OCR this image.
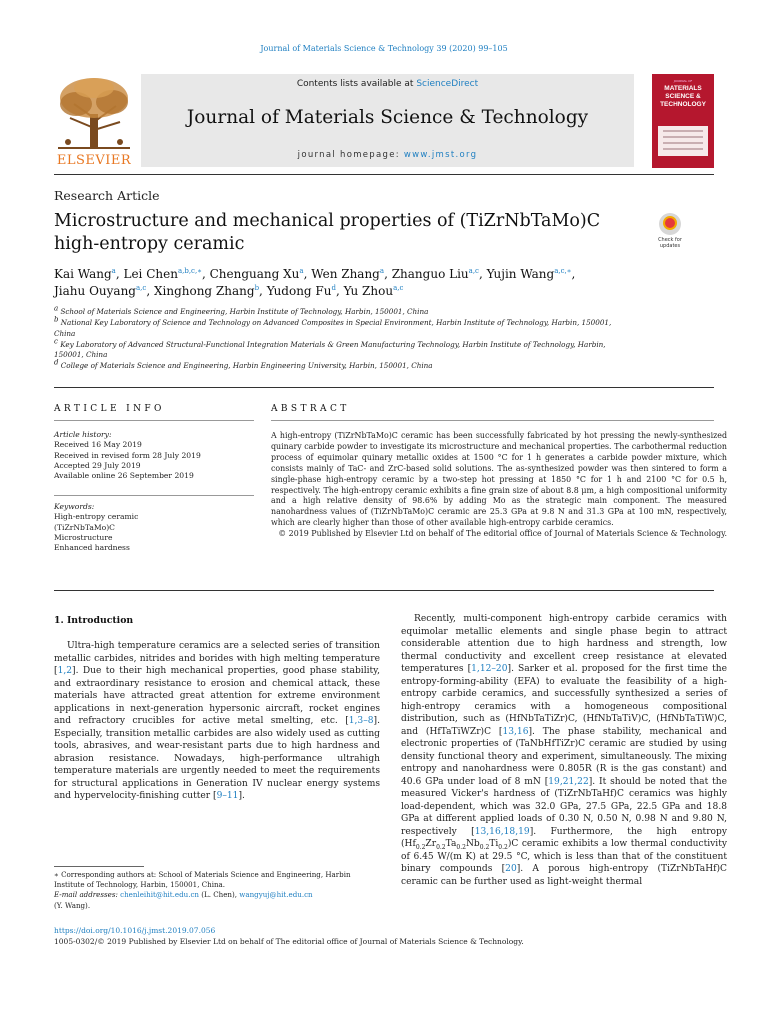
Journal of Materials Science & Technology 39 (2020) 99–105
ELSEVIER
Contents lists available at ScienceDirect
Journal of Materials Science & Technology
journal homepage: www.jmst.org
JOURNAL OF
MATERIALS SCIENCE & TECHNOLOGY
Research Article
Microstructure and mechanical properties of (TiZrNbTaMo)C high-entropy ceramic	Check for updates
Kai Wang$^a$, Lei Chen$^{a,b,c,∗}$, Chenguang Xu$^a$, Wen Zhang$^a$, Zhanguo Liu$^{a,c}$, Yujin Wang$^{a,c,∗}$,
Jiahu Ouyang$^{a,c}$, Xinghong Zhang$^b$, Yudong Fu$^d$, Yu Zhou$^{a,c}$

$^a$ School of Materials Science and Engineering, Harbin Institute of Technology, Harbin, 150001, China

$^b$ National Key Laboratory of Science and Technology on Advanced Composites in Special Environment, Harbin Institute of Technology, Harbin, 150001, China

$^c$ Key Laboratory of Advanced Structural-Functional Integration Materials & Green Manufacturing Technology, Harbin Institute of Technology, Harbin, 150001, China

$^d$ College of Materials Science and Engineering, Harbin Engineering University, Harbin, 150001, China

ARTICLE INFO
Article history:
Received 16 May 2019
Received in revised form 28 July 2019
Accepted 29 July 2019
Available online 26 September 2019
Keywords:
High-entropy ceramic
(TiZrNbTaMo)C
Microstructure
Enhanced hardness
ABSTRACT

A high-entropy (TiZrNbTaMo)C ceramic has been successfully fabricated by hot pressing the newly-synthesized quinary carbide powder to investigate its microstructure and mechanical properties. The carbothermal reduction process of equimolar quinary metallic oxides at 1500 °C for 1 h generates a carbide powder mixture, which consists mainly of TaC- and ZrC-based solid solutions. The as-synthesized powder was then sintered to form a single-phase high-entropy ceramic by a two-step hot pressing at 1850 °C for 1 h and 2100 °C for 0.5 h, respectively. The high-entropy ceramic exhibits a fine grain size of about 8.8 μm, a high compositional uniformity and a high relative density of 98.6% by adding Mo as the strategic main component. The measured nanohardness values of (TiZrNbTaMo)C ceramic are 25.3 GPa at 9.8 N and 31.3 GPa at 100 mN, respectively, which are clearly higher than those of other available high-entropy carbide ceramics.

© 2019 Published by Elsevier Ltd on behalf of The editorial office of Journal of Materials Science & Technology.

1. Introduction

Ultra-high temperature ceramics are a selected series of transition metallic carbides, nitrides and borides with high melting temperature [1,2]. Due to their high mechanical properties, good phase stability, and extraordinary resistance to erosion and chemical attack, these materials have attracted great attention for extreme environment applications in next-generation hypersonic aircraft, rocket engines and refractory crucibles for active metal smelting, etc. [1,3–8]. Especially, transition metallic carbides are also widely used as cutting tools, abrasives, and wear-resistant parts due to high hardness and abrasion resistance. Nowadays, high-performance ultrahigh temperature materials are urgently needed to meet the requirements for structural applications in Generation IV nuclear energy systems and hypervelocity-finishing cutter [9–11].

Recently, multi-component high-entropy carbide ceramics with equimolar metallic elements and single phase begin to attract considerable attention due to high hardness and strength, low thermal conductivity and excellent creep resistance at elevated temperatures [1,12–20]. Sarker et al. proposed for the first time the entropy-forming-ability (EFA) to evaluate the feasibility of a high-entropy carbide ceramics, and successfully synthesized a series of high-entropy ceramics with a homogeneous compositional distribution, such as (HfNbTaTiZr)C, (HfNbTaTiV)C, (HfNbTaTiW)C, and (HfTaTiWZr)C [13,16]. The phase stability, mechanical and electronic properties of (TaNbHfTiZr)C ceramic are studied by using density functional theory and experiment, simultaneously. The mixing entropy and nanohardness were 0.805R (R is the gas constant) and 40.6 GPa under load of 8 mN [19,21,22]. It should be noted that the measured Vicker's hardness of (TiZrNbTaHf)C ceramics was highly load-dependent, which was 32.0 GPa, 27.5 GPa, 22.5 GPa and 18.8 GPa at different applied loads of 0.30 N, 0.50 N, 0.98 N and 9.80 N, respectively [13,16,18,19]. Furthermore, the high entropy $(Hf_{0.2}Zr_{0.2}Ta_{0.2}Nb_{0.2}Ti_{0.2})C$ ceramic exhibits a low thermal conductivity of 6.45 W/(m K) at 29.5 °C, which is less than that of the constituent binary compounds [20]. A porous high-entropy (TiZrNbTaHf)C ceramic can be further used as light-weight thermal

∗ Corresponding authors at: School of Materials Science and Engineering, Harbin Institute of Technology, Harbin, 150001, China.

E-mail addresses: chenleihit@hit.edu.cn (L. Chen), wangyuj@hit.edu.cn
(Y. Wang).

https://doi.org/10.1016/j.jmst.2019.07.056
1005-0302/© 2019 Published by Elsevier Ltd on behalf of The editorial office of Journal of Materials Science & Technology.
